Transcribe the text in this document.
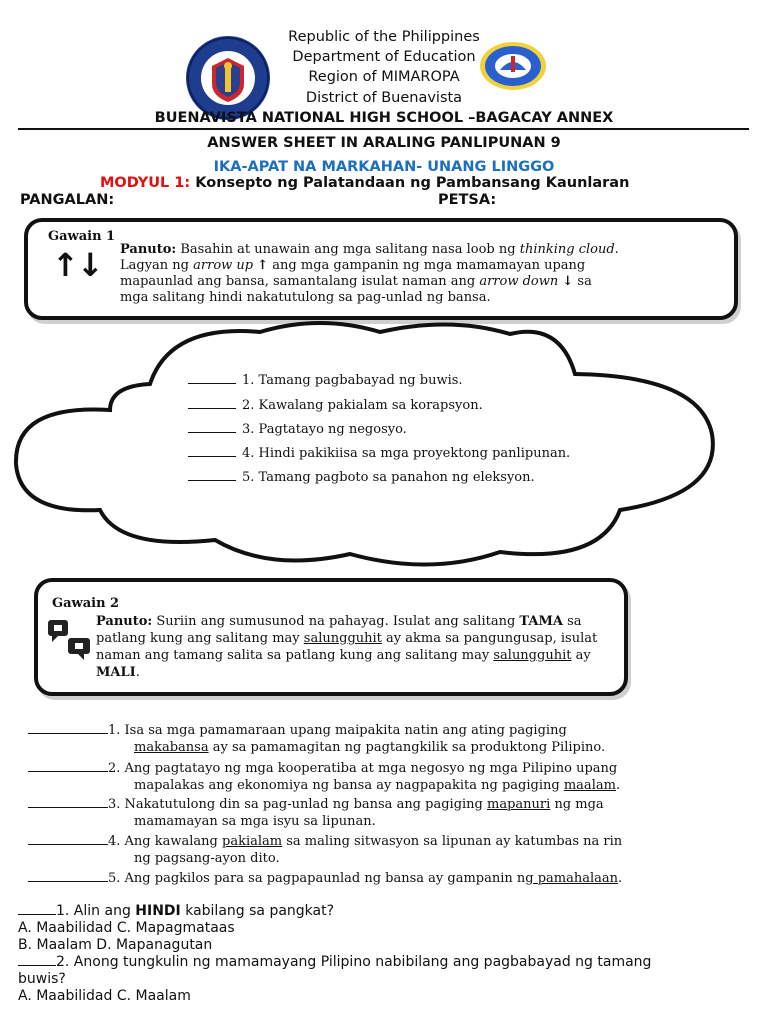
Republic of the Philippines
Department of Education
Region of MIMAROPA
District of Buenavista
BUENAVISTA NATIONAL HIGH SCHOOL –BAGACAY ANNEX
ANSWER SHEET IN ARALING PANLIPUNAN 9
IKA-APAT NA MARKAHAN- UNANG LINGGO
MODYUL 1: Konsepto ng Palatandaan ng Pambansang Kaunlaran
PANGALAN:	PETSA:
Gawain 1
↑↓ Panuto: Basahin at unawain ang mga salitang nasa loob ng thinking cloud.
Lagyan ng arrow up ↑ ang mga gampanin ng mga mamamayan upang
mapaunlad ang bansa, samantalang isulat naman ang arrow down ↓ sa
mga salitang hindi nakatutulong sa pag-unlad ng bansa.
1. Tamang pagbabayad ng buwis.
2. Kawalang pakialam sa korapsyon.
3. Pagtatayo ng negosyo.
4. Hindi pakikiisa sa mga proyektong panlipunan.
5. Tamang pagboto sa panahon ng eleksyon.
Gawain 2
Panuto: Suriin ang sumusunod na pahayag. Isulat ang salitang TAMA sa
patlang kung ang salitang may salungguhit ay akma sa pangungusap, isulat
naman ang tamang salita sa patlang kung ang salitang may salungguhit ay
MALI.
1. Isa sa mga pamamaraan upang maipakita natin ang ating pagiging
makabansa ay sa pamamagitan ng pagtangkilik sa produktong Pilipino.
2. Ang pagtatayo ng mga kooperatiba at mga negosyo ng mga Pilipino upang
mapalakas ang ekonomiya ng bansa ay nagpapakita ng pagiging maalam.
3. Nakatutulong din sa pag-unlad ng bansa ang pagiging mapanuri ng mga
mamamayan sa mga isyu sa lipunan.
4. Ang kawalang pakialam sa maling sitwasyon sa lipunan ay katumbas na rin
ng pagsang-ayon dito.
5. Ang pagkilos para sa pagpapaunlad ng bansa ay gampanin ng pamahalaan.
1. Alin ang HINDI kabilang sa pangkat?
A. Maabilidad C. Mapagmataas
B. Maalam D. Mapanagutan
2. Anong tungkulin ng mamamayang Pilipino nabibilang ang pagbabayad ng tamang
buwis?
A. Maabilidad C. Maalam
